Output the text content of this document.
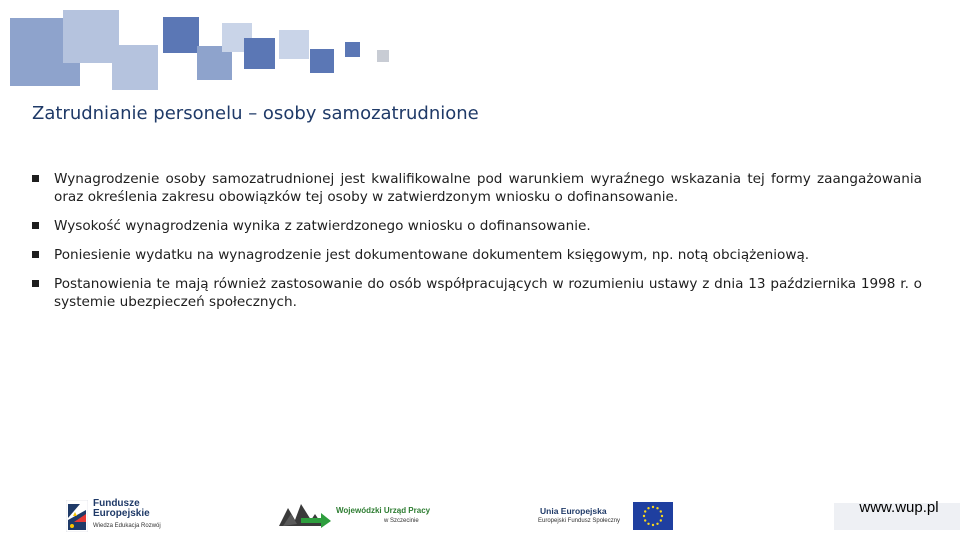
Zatrudnianie personelu – osoby samozatrudnione
Wynagrodzenie osoby samozatrudnionej jest kwalifikowalne pod warunkiem wyraźnego wskazania tej formy zaangażowania oraz określenia zakresu obowiązków tej osoby w zatwierdzonym wniosku o dofinansowanie.
Wysokość wynagrodzenia wynika z zatwierdzonego wniosku o dofinansowanie.
Poniesienie wydatku na wynagrodzenie jest dokumentowane dokumentem księgowym, np. notą obciążeniową.
Postanowienia te mają również zastosowanie do osób współpracujących w rozumieniu ustawy z dnia 13 października 1998 r. o systemie ubezpieczeń społecznych.
Fundusze
Europejskie
Wiedza Edukacja Rozwój
Wojewódzki Urząd Pracy
w Szczecinie
Unia Europejska
Europejski Fundusz Społeczny
www.wup.pl
